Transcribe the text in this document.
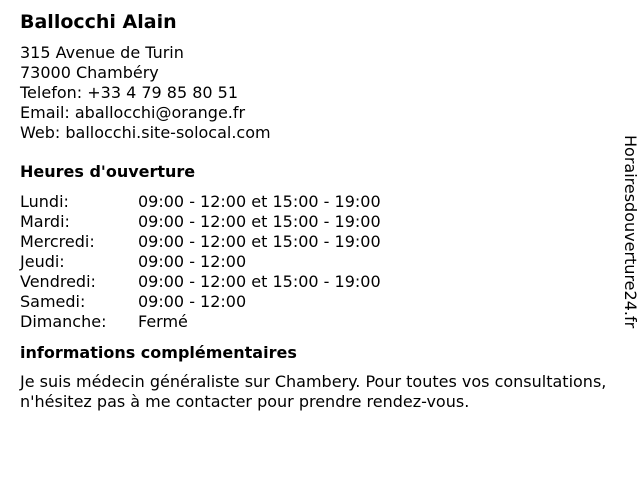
Ballocchi Alain
315 Avenue de Turin
73000 Chambéry
Telefon: +33 4 79 85 80 51
Email: aballocchi@orange.fr
Web: ballocchi.site-solocal.com
Heures d'ouverture
Lundi:	09:00 - 12:00 et 15:00 - 19:00
Mardi:	09:00 - 12:00 et 15:00 - 19:00
Mercredi:	09:00 - 12:00 et 15:00 - 19:00
Jeudi:	09:00 - 12:00
Vendredi:	09:00 - 12:00 et 15:00 - 19:00
Samedi:	09:00 - 12:00
Dimanche:	Fermé
informations complémentaires

Je suis médecin généraliste sur Chambery. Pour toutes vos consultations, n'hésitez pas à me contacter pour prendre rendez-vous.

Horairesdouverture24.fr
